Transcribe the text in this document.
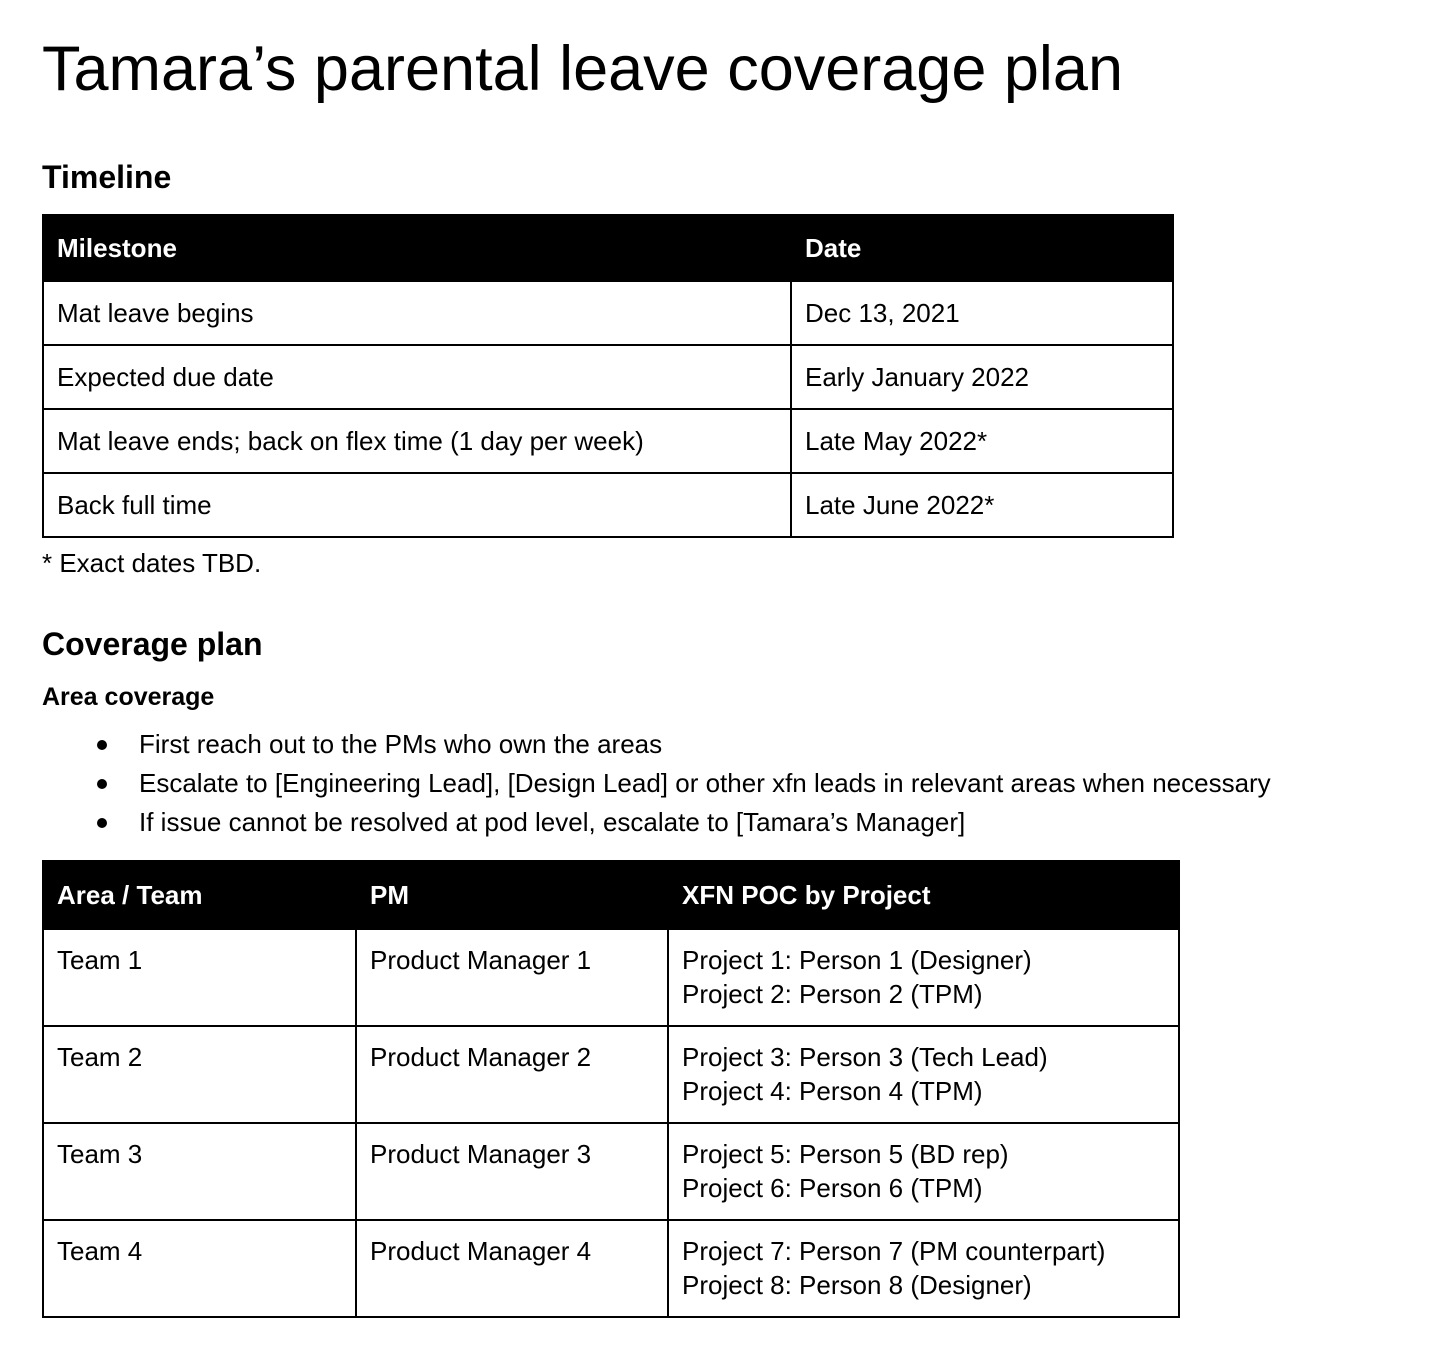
Tamara’s parental leave coverage plan
Timeline
Milestone	Date
Mat leave begins	Dec 13, 2021
Expected due date	Early January 2022
Mat leave ends; back on flex time (1 day per week)	Late May 2022*
Back full time	Late June 2022*

* Exact dates TBD.

Coverage plan
Area coverage
First reach out to the PMs who own the areas
Escalate to [Engineering Lead], [Design Lead] or other xfn leads in relevant areas when necessary
If issue cannot be resolved at pod level, escalate to [Tamara’s Manager]
Area / Team	PM	XFN POC by Project
Team 1	Product Manager 1	Project 1: Person 1 (Designer)
Project 2: Person 2 (TPM)

Team 2	Product Manager 2	Project 3: Person 3 (Tech Lead)
Project 4: Person 4 (TPM)

Team 3	Product Manager 3	Project 5: Person 5 (BD rep)
Project 6: Person 6 (TPM)

Team 4	Product Manager 4	Project 7: Person 7 (PM counterpart)
Project 8: Person 8 (Designer)
